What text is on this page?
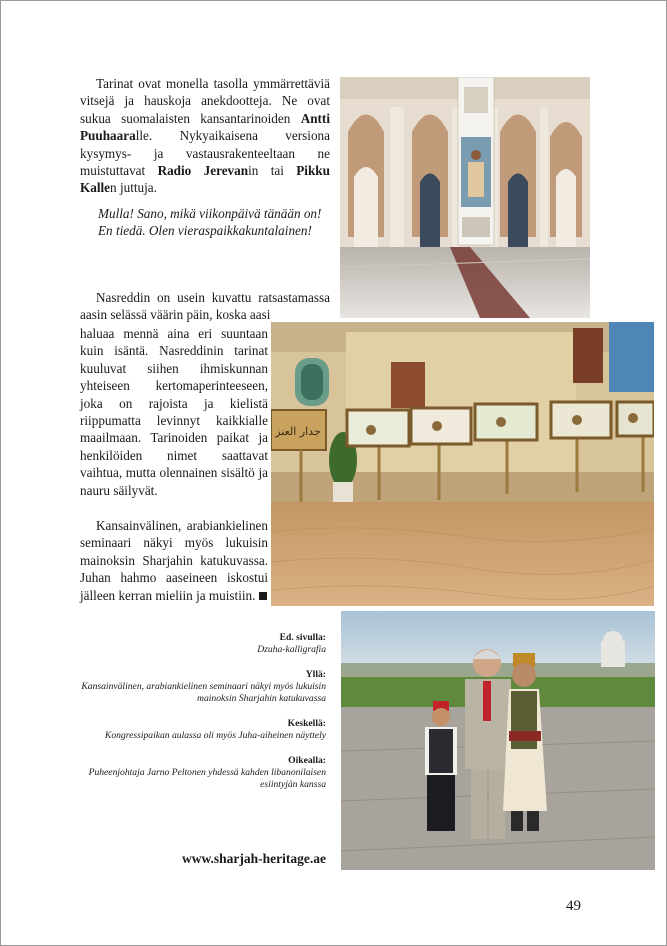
Tarinat ovat monella tasolla ymmärrettäviä vitsejä ja hauskoja anekdootteja. Ne ovat sukua suomalaisten kansantarinoiden Antti Puuhaaralle. Nykyaikaisena versiona kysymys- ja vastausrakenteeltaan ne muistuttavat Radio Jerevanin tai Pikku Kallen juttuja.

Mulla! Sano, mikä viikonpäivä tänään on!
En tiedä. Olen vieraspaikkakuntalainen!

Nasreddin on usein kuvattu ratsastamassa aasin selässä väärin päin, koska aasi

haluaa mennä aina eri suuntaan kuin isäntä. Nasreddinin tarinat kuuluvat siihen ihmiskunnan yhteiseen kertomaperinteeseen, joka on rajoista ja kielistä riippumatta levinnyt kaikkialle maailmaan. Tarinoiden paikat ja henkilöiden nimet saattavat vaihtua, mutta olennainen sisältö ja nauru säilyvät.

Kansainvälinen, arabiankielinen seminaari näkyi myös lukuisin mainoksin Sharjahin katukuvassa. Juhan hahmo aaseineen iskostui jälleen kerran mieliin ja muistiin.

Ed. sivulla:
Dzuha-kalligrafia
Yllä:
Kansainvälinen, arabiankielinen seminaari näkyi myös lukuisin mainoksin Sharjahin katukuvassa
Keskellä:
Kongressipaikan aulassa oli myös Juha-aiheinen näyttely
Oikealla:
Puheenjohtaja Jarno Peltonen yhdessä kahden libanonilaisen esiintyjän kanssa
www.sharjah-heritage.ae
49
جدار العنز
